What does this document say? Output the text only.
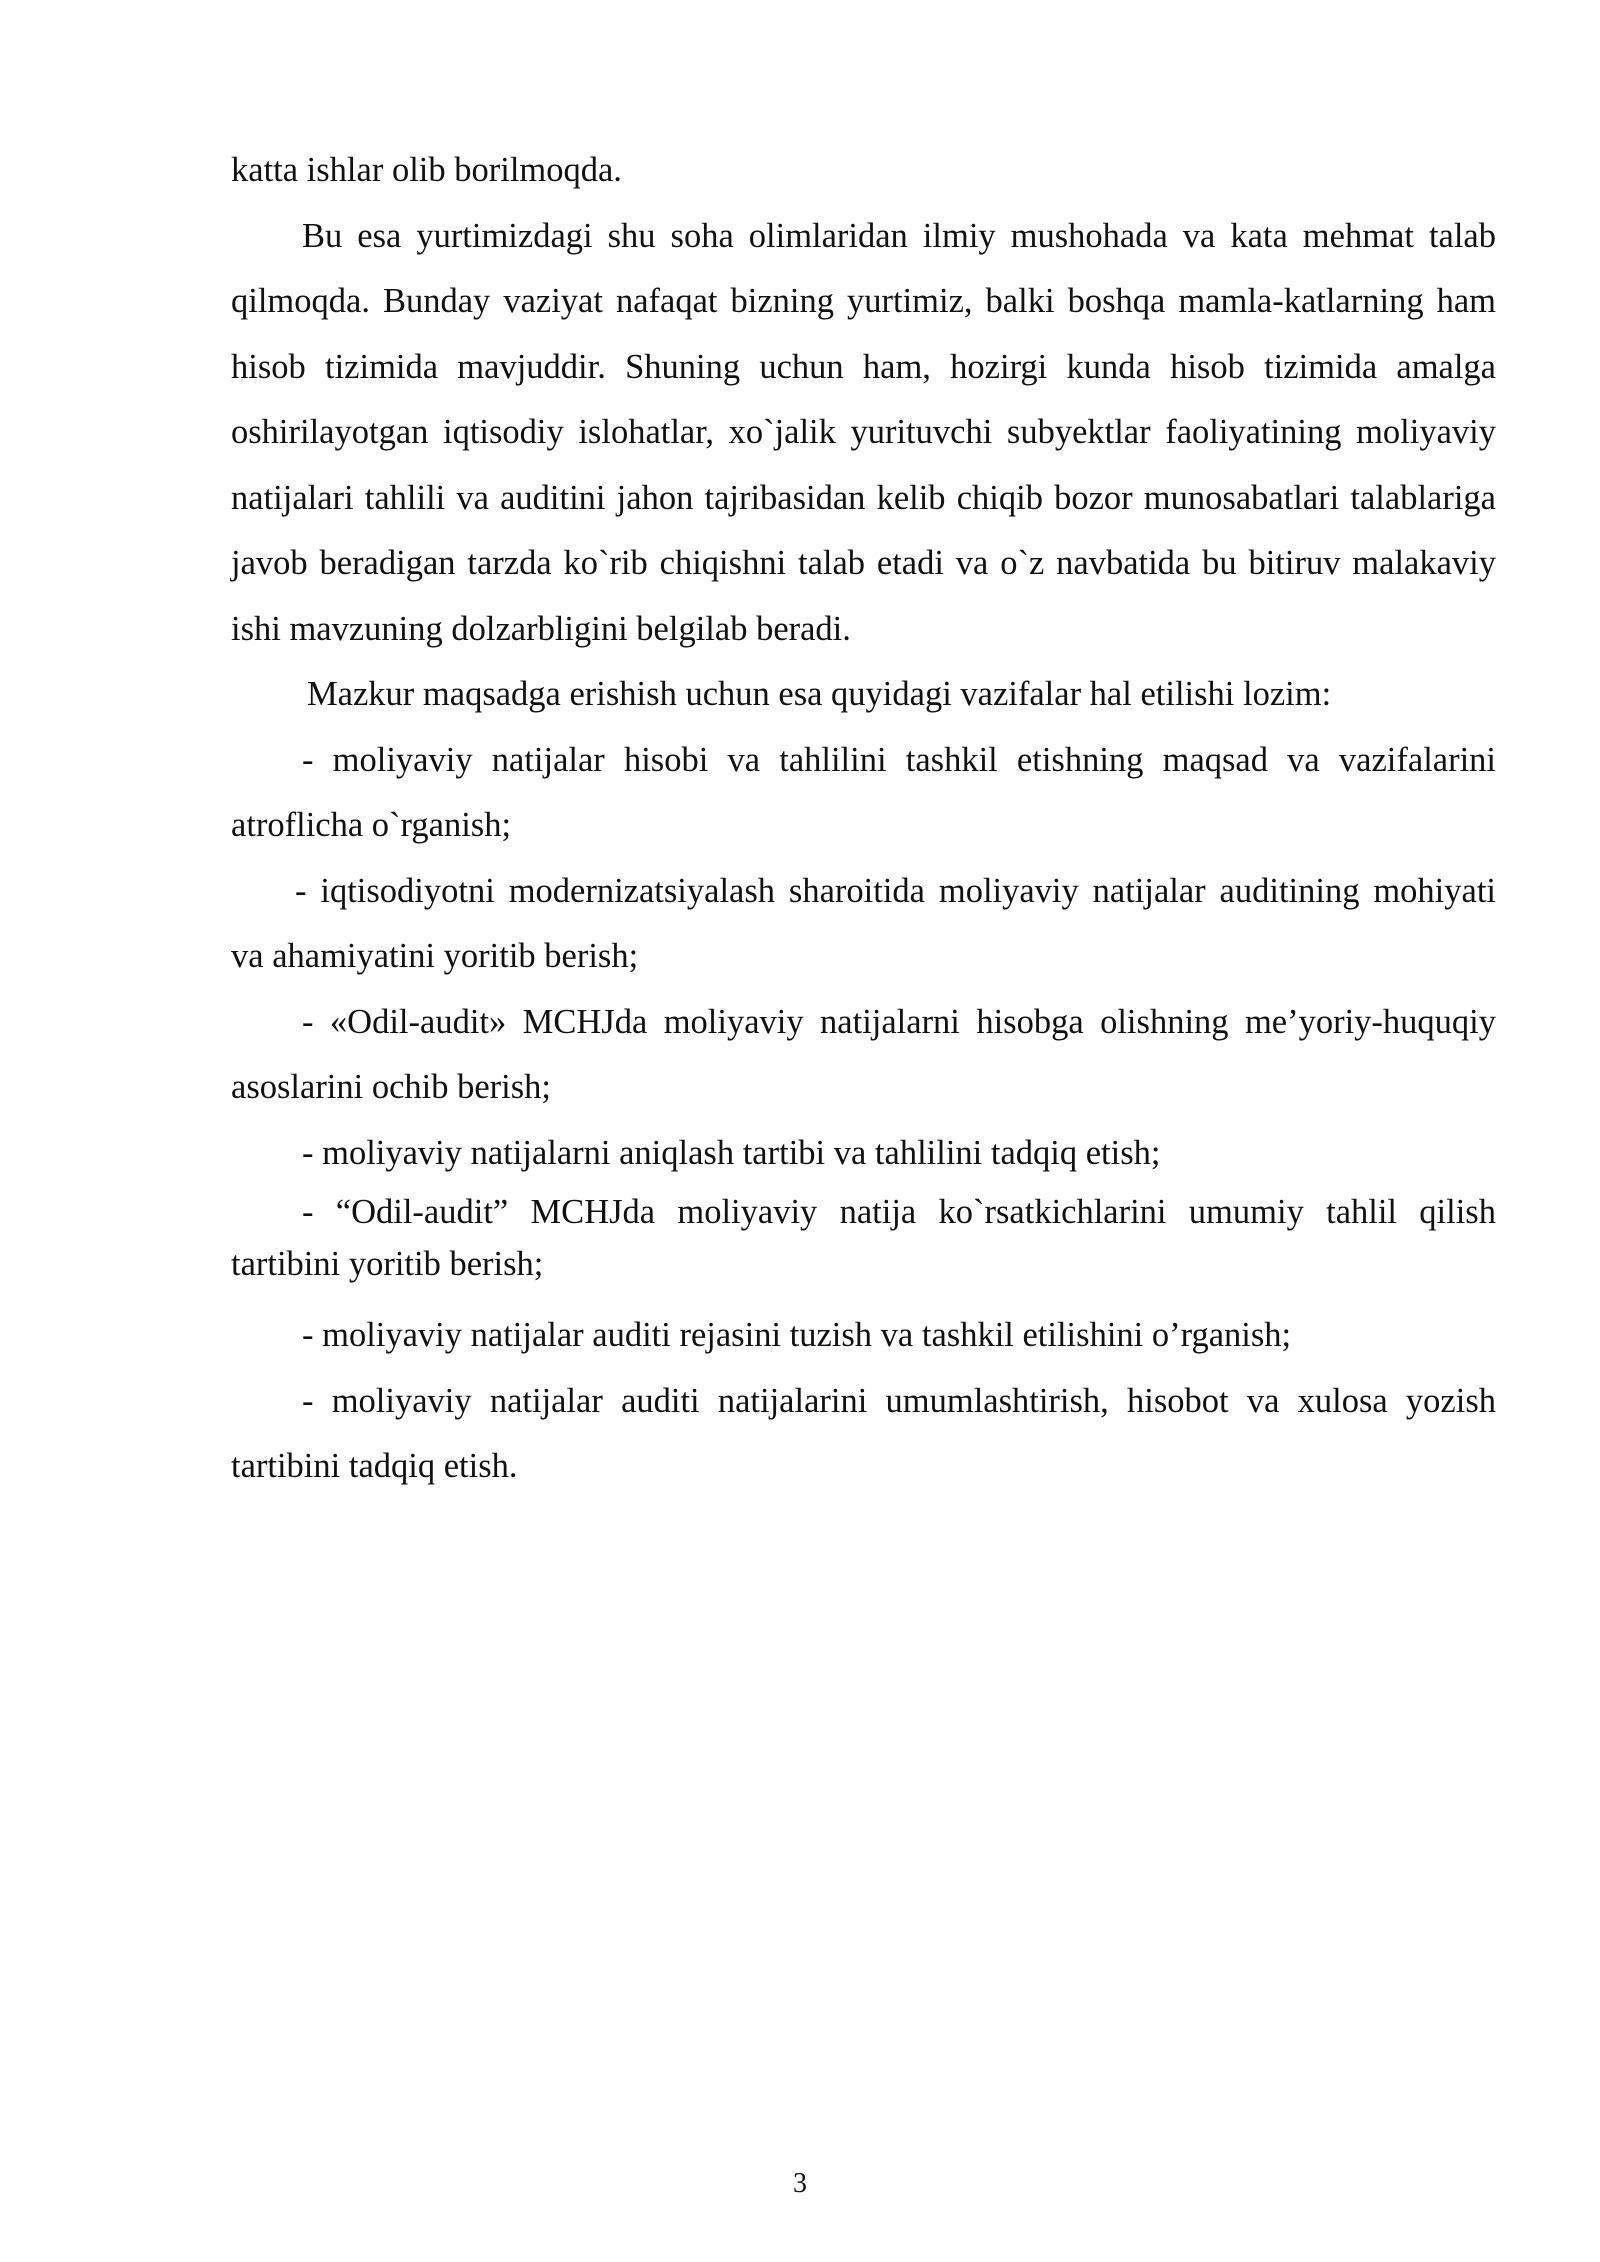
katta ishlar olib borilmoqda.

Bu esa yurtimizdagi shu soha olimlaridan ilmiy mushohada va kata mehmat talab qilmoqda. Bunday vaziyat nafaqat bizning yurtimiz, balki boshqa mamla-katlarning ham hisob tizimida mavjuddir. Shuning uchun ham, hozirgi kunda hisob tizimida amalga oshirilayotgan iqtisodiy islohatlar, xo`jalik yurituvchi subyektlar faoliyatining moliyaviy natijalari tahlili va auditini jahon tajribasidan kelib chiqib bozor munosabatlari talablariga javob beradigan tarzda ko`rib chiqishni talab etadi va o`z navbatida bu bitiruv malakaviy ishi mavzuning dolzarbligini belgilab beradi.

Mazkur maqsadga erishish uchun esa quyidagi vazifalar hal etilishi lozim:

- moliyaviy natijalar hisobi va tahlilini tashkil etishning maqsad va vazifalarini atroflicha o`rganish;

- iqtisodiyotni modernizatsiyalash sharoitida moliyaviy natijalar auditining mohiyati va ahamiyatini yoritib berish;

- «Odil-audit» MCHJda moliyaviy natijalarni hisobga olishning me’yoriy-huquqiy asoslarini ochib berish;

- moliyaviy natijalarni aniqlash tartibi va tahlilini tadqiq etish;

- “Odil-audit” MCHJda moliyaviy natija ko`rsatkichlarini umumiy tahlil qilish tartibini yoritib berish;

- moliyaviy natijalar auditi rejasini tuzish va tashkil etilishini o’rganish;

- moliyaviy natijalar auditi natijalarini umumlashtirish, hisobot va xulosa yozish tartibini tadqiq etish.

3
